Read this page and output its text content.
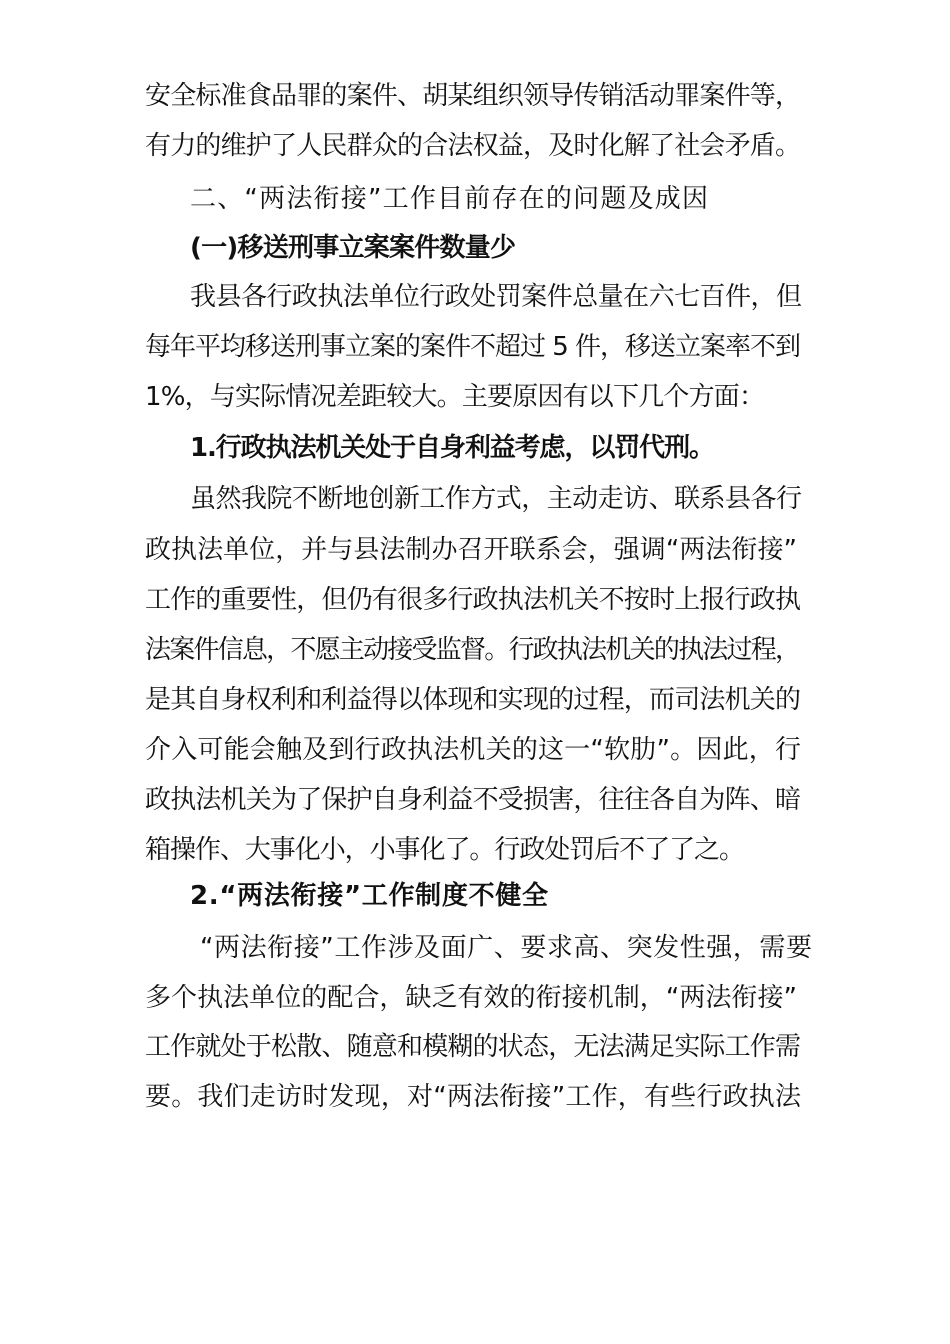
安全标准食品罪的案件、胡某组织领导传销活动罪案件等，
有力的维护了人民群众的合法权益，及时化解了社会矛盾。
二、“两法衔接”工作目前存在的问题及成因
(一)移送刑事立案案件数量少
我县各行政执法单位行政处罚案件总量在六七百件，但
每年平均移送刑事立案的案件不超过 5 件，移送立案率不到
1%，与实际情况差距较大。主要原因有以下几个方面：
1.行政执法机关处于自身利益考虑，以罚代刑。
虽然我院不断地创新工作方式，主动走访、联系县各行
政执法单位，并与县法制办召开联系会，强调“两法衔接”
工作的重要性，但仍有很多行政执法机关不按时上报行政执
法案件信息，不愿主动接受监督。行政执法机关的执法过程，
是其自身权利和利益得以体现和实现的过程，而司法机关的
介入可能会触及到行政执法机关的这一“软肋”。因此，行
政执法机关为了保护自身利益不受损害，往往各自为阵、暗
箱操作、大事化小，小事化了。行政处罚后不了了之。
2.“两法衔接”工作制度不健全
“两法衔接”工作涉及面广、要求高、突发性强，需要
多个执法单位的配合，缺乏有效的衔接机制，“两法衔接”
工作就处于松散、随意和模糊的状态，无法满足实际工作需
要。我们走访时发现，对“两法衔接”工作，有些行政执法
